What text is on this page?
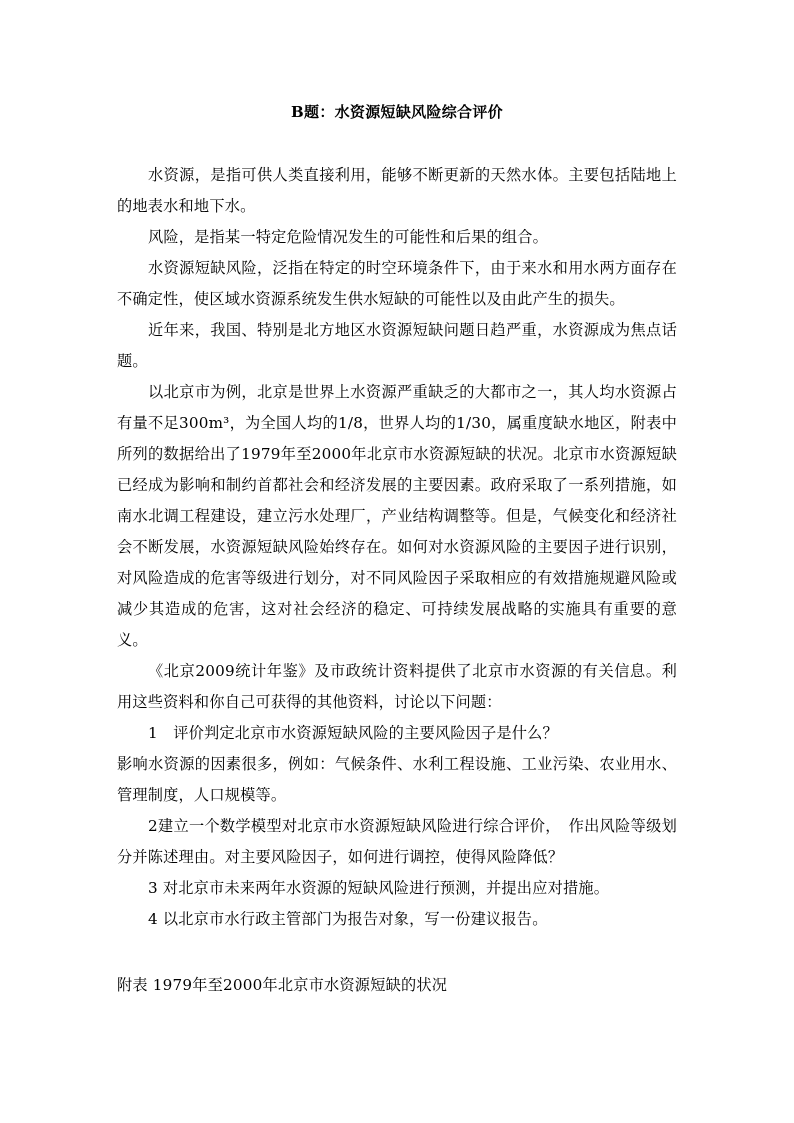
B题：水资源短缺风险综合评价

水资源，是指可供人类直接利用，能够不断更新的天然水体。主要包括陆地上的地表水和地下水。

风险，是指某一特定危险情况发生的可能性和后果的组合。

水资源短缺风险，泛指在特定的时空环境条件下，由于来水和用水两方面存在不确定性，使区域水资源系统发生供水短缺的可能性以及由此产生的损失。

近年来，我国、特别是北方地区水资源短缺问题日趋严重，水资源成为焦点话题。

以北京市为例，北京是世界上水资源严重缺乏的大都市之一，其人均水资源占有量不足300m³，为全国人均的1/8，世界人均的1/30，属重度缺水地区，附表中所列的数据给出了1979年至2000年北京市水资源短缺的状况。北京市水资源短缺已经成为影响和制约首都社会和经济发展的主要因素。政府采取了一系列措施，如南水北调工程建设，建立污水处理厂，产业结构调整等。但是，气候变化和经济社会不断发展，水资源短缺风险始终存在。如何对水资源风险的主要因子进行识别，对风险造成的危害等级进行划分，对不同风险因子采取相应的有效措施规避风险或减少其造成的危害，这对社会经济的稳定、可持续发展战略的实施具有重要的意义。

《北京2009统计年鉴》及市政统计资料提供了北京市水资源的有关信息。利用这些资料和你自己可获得的其他资料，讨论以下问题：

1　评价判定北京市水资源短缺风险的主要风险因子是什么？

影响水资源的因素很多，例如：气候条件、水利工程设施、工业污染、农业用水、管理制度，人口规模等。

2建立一个数学模型对北京市水资源短缺风险进行综合评价，　作出风险等级划分并陈述理由。对主要风险因子，如何进行调控，使得风险降低？

3 对北京市未来两年水资源的短缺风险进行预测，并提出应对措施。

4 以北京市水行政主管部门为报告对象，写一份建议报告。

附表 1979年至2000年北京市水资源短缺的状况
